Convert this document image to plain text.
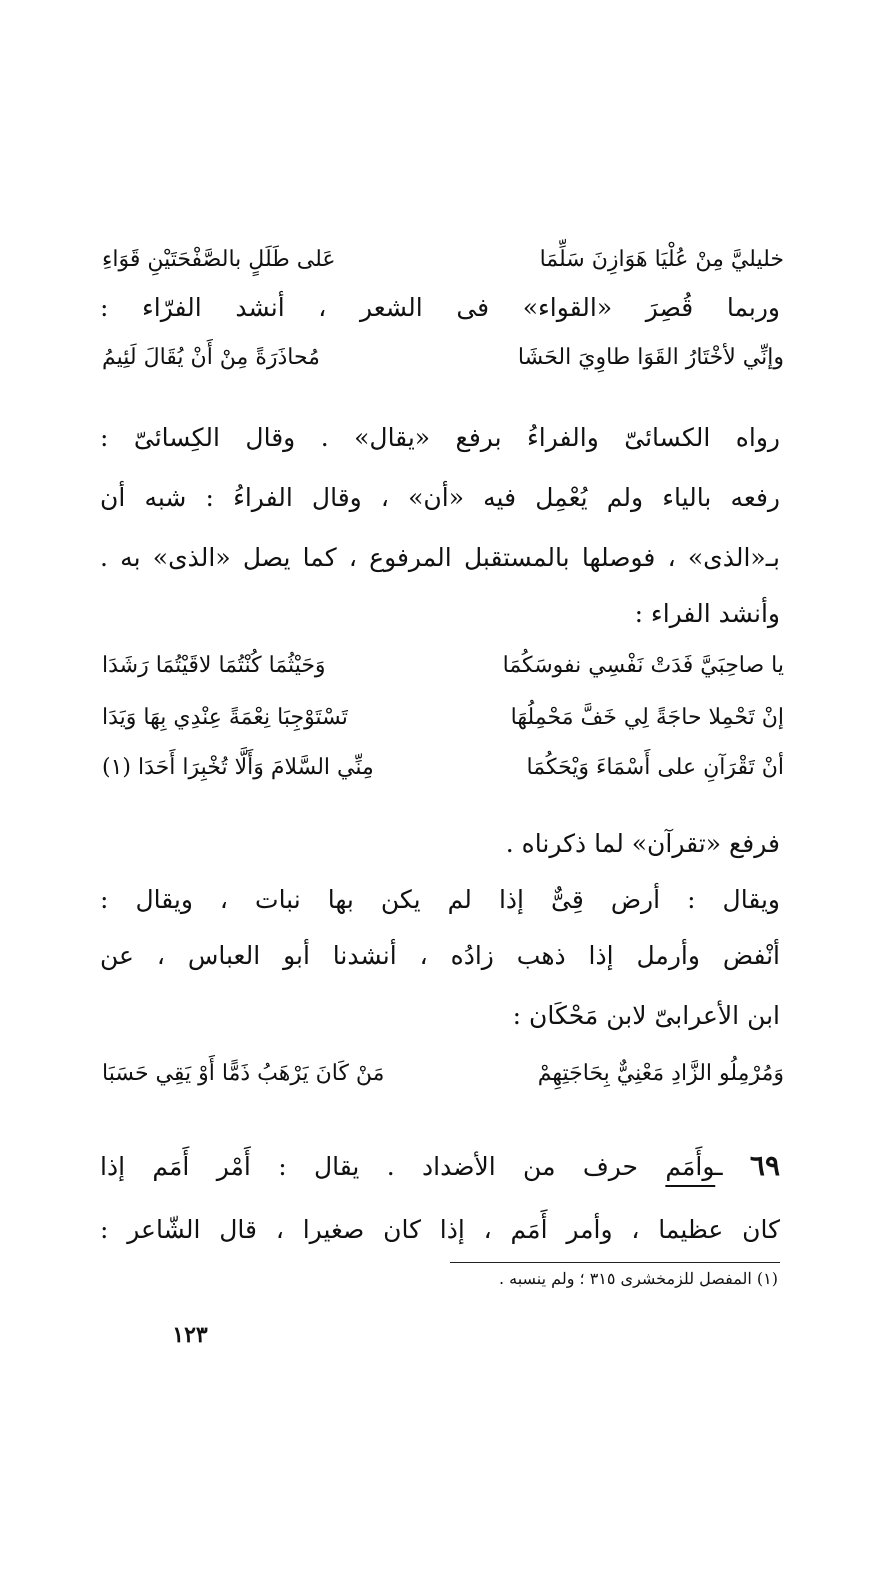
خليليَّ مِنْ عُلْيَا هَوَازِنَ سَلِّمَا
عَلى طَلَلٍ بالصَّفْحَتَيْنِ قَوَاءِ
وربما قُصِرَ «القواء» فى الشعر ، أنشد الفرّاء :
وإنِّي لأخْتَارُ القَوَا طاوِيَ الحَشَا
مُحاذَرَةً مِنْ أَنْ يُقَالَ لَئِيمُ
رواه الكسائىّ والفراءُ برفع «يقال» . وقال الكِسائىّ :
رفعه بالياء ولم يُعْمِل فيه «أن» ، وقال الفراءُ : شبه أن
بـ«الذى» ، فوصلها بالمستقبل المرفوع ، كما يصل «الذى» به .
وأنشد الفراء :
يا صاحِبَيَّ فَدَتْ نَفْسِي نفوسَكُمَا
وَحَيْثُمَا كُنْتُمَا لاقَيْتُمَا رَشَدَا
إنْ تَحْمِلا حاجَةً لِي خَفَّ مَحْمِلُهَا
تَسْتَوْجِبَا نِعْمَةً عِنْدِي بِهَا وَيَدَا
أنْ تَقْرَآنِ على أَسْمَاءَ وَيْحَكُمَا
مِنِّي السَّلامَ وَأَلَّا تُخْبِرَا أَحَدَا (١)
فرفع «تقرآن» لما ذكرناه .
ويقال : أرض قِىٌّ إذا لم يكن بها نبات ، ويقال :
أنْفض وأرمل إذا ذهب زادُه ، أنشدنا أبو العباس ، عن
ابن الأعرابىّ لابن مَحْكَان :
وَمُرْمِلُو الزَّادِ مَعْنِيٌّ بِحَاجَتِهِمْ
مَنْ كَانَ يَرْهَبُ ذَمًّا أَوْ يَقِي حَسَبَا
٦٩ ـوأَمَم حرف من الأضداد . يقال : أَمْر أَمَم إذا
كان عظيما ، وأمر أَمَم ، إذا كان صغيرا ، قال الشّاعر :
(١) المفصل للزمخشرى ٣١٥ ؛ ولم ينسبه .
١٢٣
